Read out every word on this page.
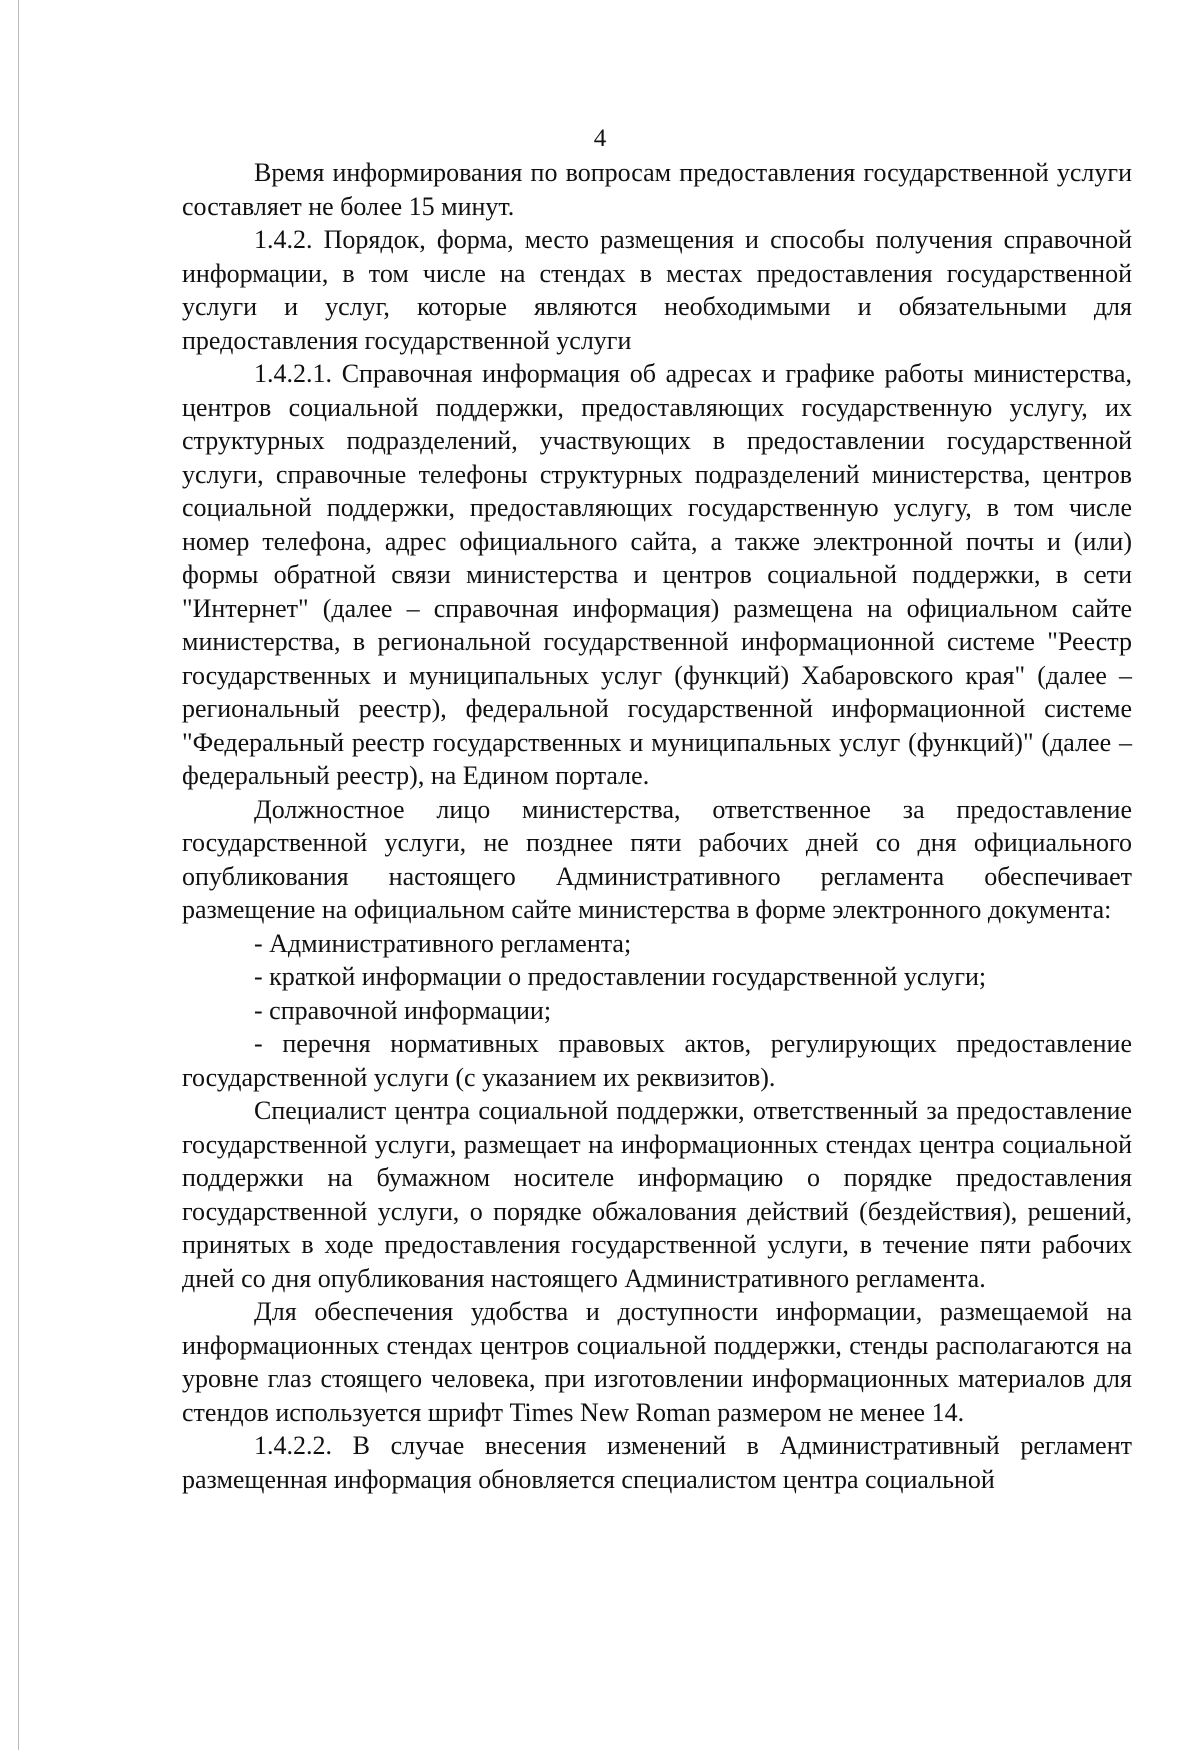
4

Время информирования по вопросам предоставления государственной услуги составляет не более 15 минут.

1.4.2. Порядок, форма, место размещения и способы получения справочной информации, в том числе на стендах в местах предоставления государственной услуги и услуг, которые являются необходимыми и обязательными для предоставления государственной услуги

1.4.2.1. Справочная информация об адресах и графике работы министерства, центров социальной поддержки, предоставляющих государственную услугу, их структурных подразделений, участвующих в предоставлении государственной услуги, справочные телефоны структурных подразделений министерства, центров социальной поддержки, предоставляющих государственную услугу, в том числе номер телефона, адрес официального сайта, а также электронной почты и (или) формы обратной связи министерства и центров социальной поддержки, в сети "Интернет" (далее – справочная информация) размещена на официальном сайте министерства, в региональной государственной информационной системе "Реестр государственных и муниципальных услуг (функций) Хабаровского края" (далее – региональный реестр), федеральной государственной информационной системе "Федеральный реестр государственных и муниципальных услуг (функций)" (далее – федеральный реестр), на Едином портале.

Должностное лицо министерства, ответственное за предоставление государственной услуги, не позднее пяти рабочих дней со дня официального опубликования настоящего Административного регламента обеспечивает размещение на официальном сайте министерства в форме электронного документа:

- Административного регламента;

- краткой информации о предоставлении государственной услуги;

- справочной информации;

- перечня нормативных правовых актов, регулирующих предоставление государственной услуги (с указанием их реквизитов).

Специалист центра социальной поддержки, ответственный за предоставление государственной услуги, размещает на информационных стендах центра социальной поддержки на бумажном носителе информацию о порядке предоставления государственной услуги, о порядке обжалования действий (бездействия), решений, принятых в ходе предоставления государственной услуги, в течение пяти рабочих дней со дня опубликования настоящего Административного регламента.

Для обеспечения удобства и доступности информации, размещаемой на информационных стендах центров социальной поддержки, стенды располагаются на уровне глаз стоящего человека, при изготовлении информационных материалов для стендов используется шрифт Times New Roman размером не менее 14.

1.4.2.2. В случае внесения изменений в Административный регламент размещенная информация обновляется специалистом центра социальной
